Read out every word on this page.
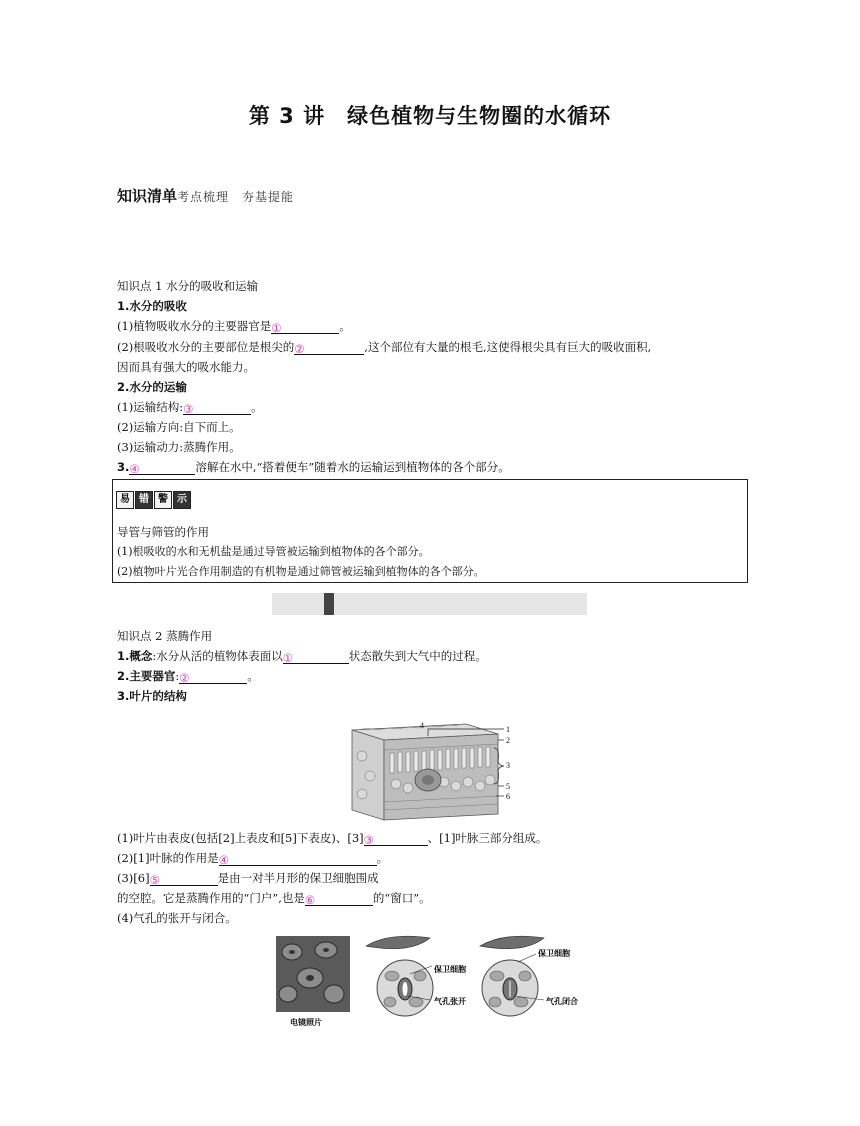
第 3 讲　绿色植物与生物圈的水循环
知识清单考点梳理　夯基提能
知识点 1 水分的吸收和运输
1.水分的吸收
(1)植物吸收水分的主要器官是①	。
(2)根吸收水分的主要部位是根尖的②	,这个部位有大量的根毛,这使得根尖具有巨大的吸收面积,
因而具有强大的吸水能力。
2.水分的运输
(1)运输结构:③	。
(2)运输方向:自下而上。
(3)运输动力:蒸腾作用。
3.④	溶解在水中,“搭着便车”随着水的运输运到植物体的各个部分。
易 错 警 示
导管与筛管的作用
(1)根吸收的水和无机盐是通过导管被运输到植物体的各个部分。
(2)植物叶片光合作用制造的有机物是通过筛管被运输到植物体的各个部分。
知识点 2 蒸腾作用
1.概念:水分从活的植物体表面以①	状态散失到大气中的过程。
2.主要器官:②	。
3.叶片的结构
1
2
3
4
5
6
(1)叶片由表皮(包括[2]上表皮和[5]下表皮)、[3]③	、[1]叶脉三部分组成。
(2)[1]叶脉的作用是④	。
(3)[6]⑤	是由一对半月形的保卫细胞围成
的空腔。它是蒸腾作用的“门户”,也是⑥	的“窗口”。
(4)气孔的张开与闭合。
电镜照片
保卫细胞
气孔张开
保卫细胞
气孔闭合
